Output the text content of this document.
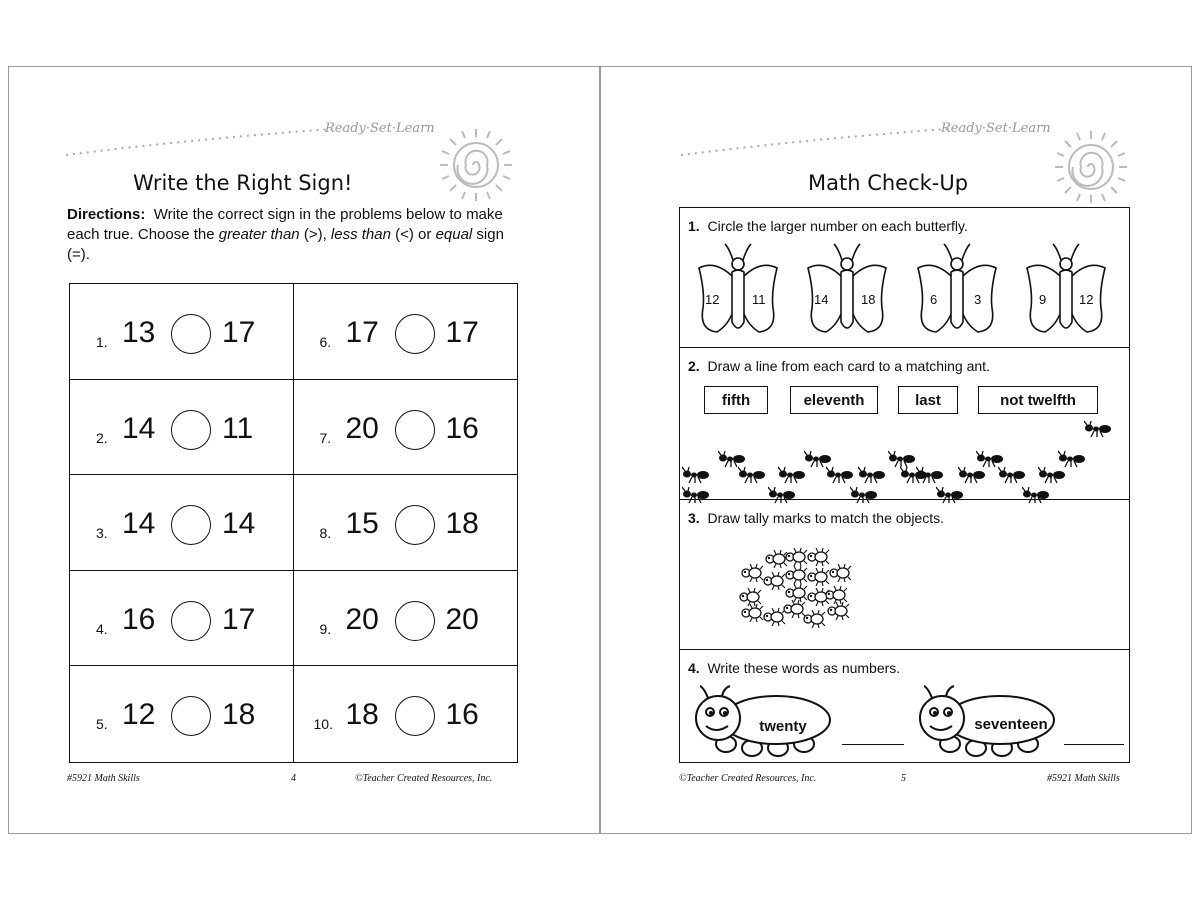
Ready·Set·Learn
Write the Right Sign!
Directions: Write the correct sign in the problems below to make each true. Choose the greater than (>), less than (<) or equal sign (=).
1. 13 17	6. 17 17
2. 14 11	7. 20 16
3. 14 14	8. 15 18
4. 16 17	9. 20 20
5. 12 18	10. 18 16
#5921 Math Skills	4	©Teacher Created Resources, Inc.
Ready·Set·Learn
Math Check-Up
1. Circle the larger number on each butterfly.
12	11	14	18	6	3	9	12
2. Draw a line from each card to a matching ant.
fifth	eleventh	last	not twelfth
3. Draw tally marks to match the objects.
4. Write these words as numbers.
twenty	seventeen
©Teacher Created Resources, Inc.	5	#5921 Math Skills
